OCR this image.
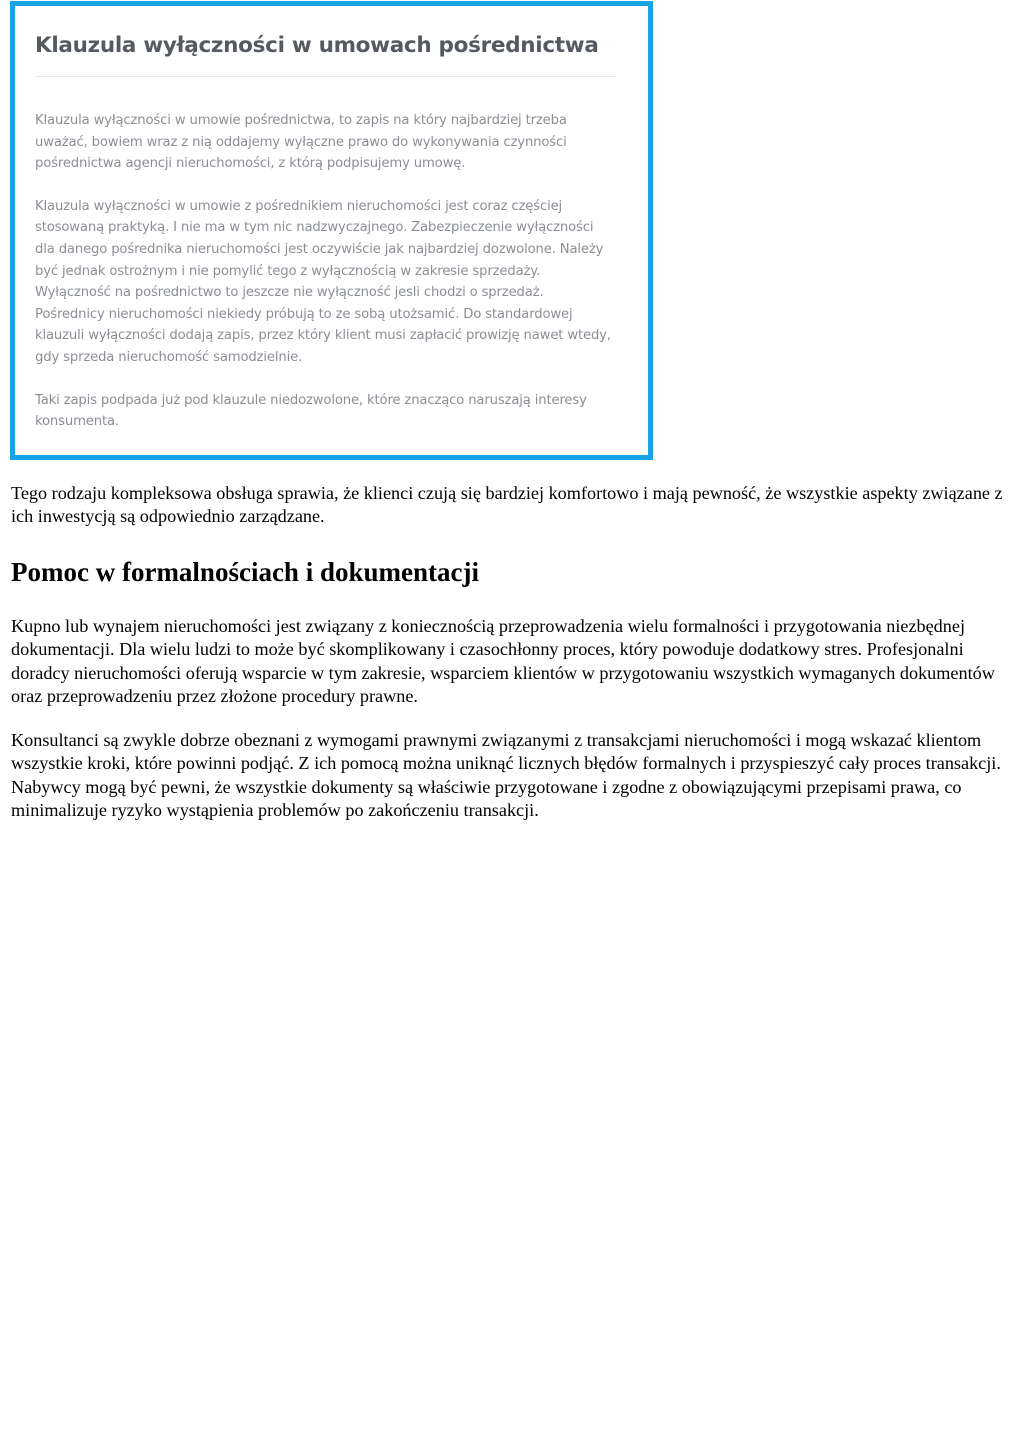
Klauzula wyłączności w umowach pośrednictwa

Klauzula wyłączności w umowie pośrednictwa, to zapis na który najbardziej trzeba uważać, bowiem wraz z nią oddajemy wyłączne prawo do wykonywania czynności pośrednictwa agencji nieruchomości, z którą podpisujemy umowę.

Klauzula wyłączności w umowie z pośrednikiem nieruchomości jest coraz częściej stosowaną praktyką. I nie ma w tym nic nadzwyczajnego. Zabezpieczenie wyłączności dla danego pośrednika nieruchomości jest oczywiście jak najbardziej dozwolone. Należy być jednak ostrożnym i nie pomylić tego z wyłącznością w zakresie sprzedaży. Wyłączność na pośrednictwo to jeszcze nie wyłączność jesli chodzi o sprzedaż. Pośrednicy nieruchomości niekiedy próbują to ze sobą utożsamić. Do standardowej klauzuli wyłączności dodają zapis, przez który klient musi zapłacić prowizję nawet wtedy, gdy sprzeda nieruchomość samodzielnie.

Taki zapis podpada już pod klauzule niedozwolone, które znacząco naruszają interesy konsumenta.

Tego rodzaju kompleksowa obsługa sprawia, że klienci czują się bardziej komfortowo i mają pewność, że wszystkie aspekty związane z ich inwestycją są odpowiednio zarządzane.

Pomoc w formalnościach i dokumentacji

Kupno lub wynajem nieruchomości jest związany z koniecznością przeprowadzenia wielu formalności i przygotowania niezbędnej dokumentacji. Dla wielu ludzi to może być skomplikowany i czasochłonny proces, który powoduje dodatkowy stres. Profesjonalni doradcy nieruchomości oferują wsparcie w tym zakresie, wsparciem klientów w przygotowaniu wszystkich wymaganych dokumentów oraz przeprowadzeniu przez złożone procedury prawne.

Konsultanci są zwykle dobrze obeznani z wymogami prawnymi związanymi z transakcjami nieruchomości i mogą wskazać klientom wszystkie kroki, które powinni podjąć. Z ich pomocą można uniknąć licznych błędów formalnych i przyspieszyć cały proces transakcji. Nabywcy mogą być pewni, że wszystkie dokumenty są właściwie przygotowane i zgodne z obowiązującymi przepisami prawa, co minimalizuje ryzyko wystąpienia problemów po zakończeniu transakcji.
